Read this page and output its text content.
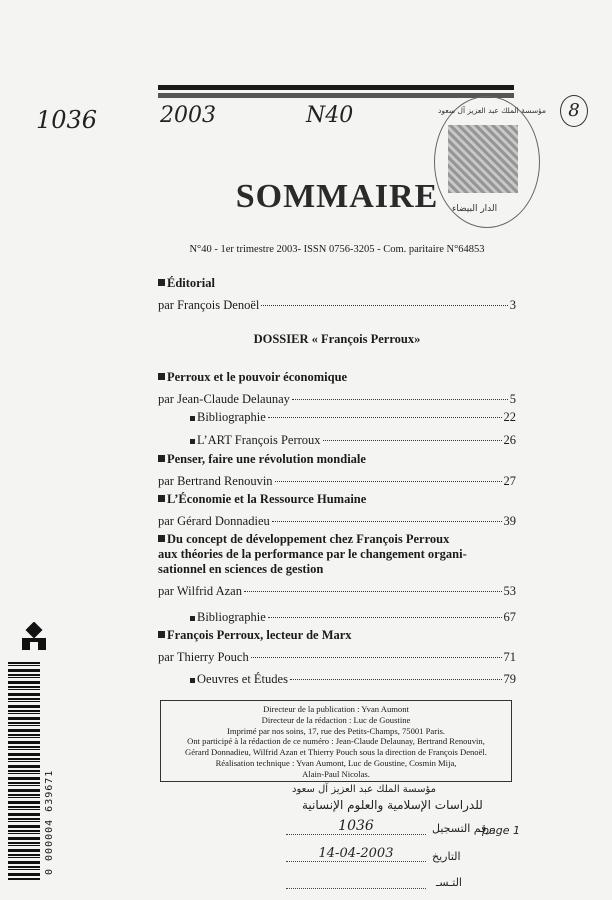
1036	2003	N40	8
مؤسسة الملك عبد العزيز آل سعود
الدار البيضاء
SOMMAIRE
N°40 - 1er trimestre 2003- ISSN 0756-3205 - Com. paritaire N°64853
Éditorial
par François Denoël	3
DOSSIER « François Perroux»
Perroux et le pouvoir économique
par Jean-Claude Delaunay	5
Bibliographie	22
L’ART François Perroux	26
Penser, faire une révolution mondiale
par Bertrand Renouvin	27
L’Économie et la Ressource Humaine
par Gérard Donnadieu	39
Du concept de développement chez François Perroux
aux théories de la performance par le changement organi-
sationnel en sciences de gestion
par Wilfrid Azan	53
Bibliographie	67
François Perroux, lecteur de Marx
par Thierry Pouch	71
Oeuvres et Études	79
Directeur de la publication : Yvan Aumont
Directeur de la rédaction : Luc de Goustine
Imprimé par nos soins, 17, rue des Petits-Champs, 75001 Paris.
Ont participé à la rédaction de ce numéro : Jean-Claude Delaunay, Bertrand Renouvin,
Gérard Donnadieu, Wilfrid Azan et Thierry Pouch sous la direction de François Denoël.
Réalisation technique : Yvan Aumont, Luc de Goustine, Cosmin Mija,
Alain-Paul Nicolas.
مؤسسة الملك عبد العزيز آل سعود
للدراسات الإسلامية والعلوم الإنسانية
رقم التسجيل
1036	page 1
التاريخ
14-04-2003
التـسـ
0 000004 639671
